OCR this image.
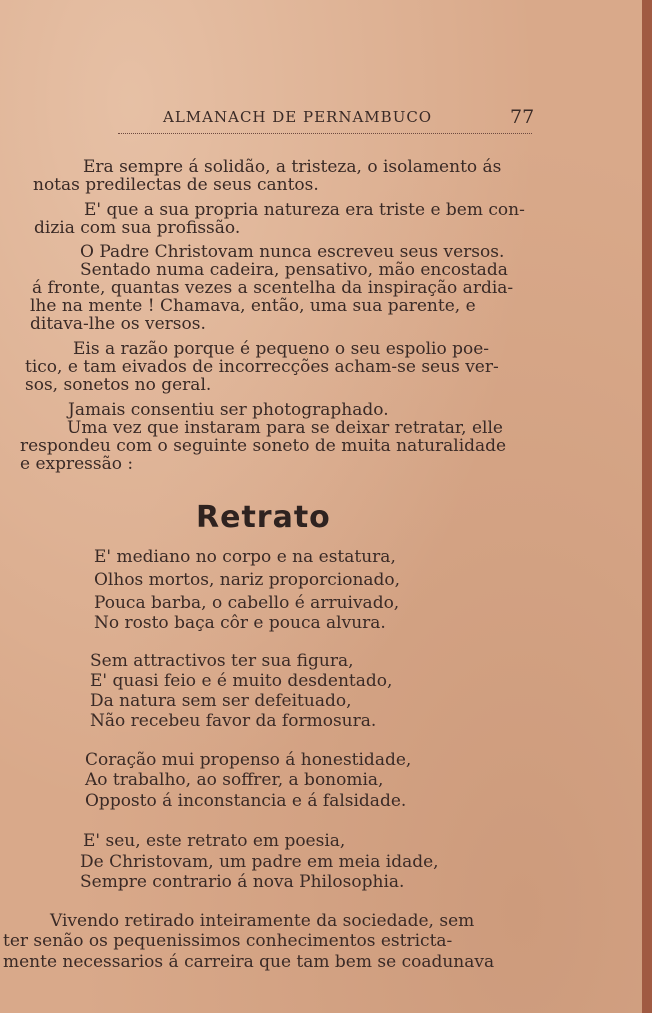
ALMANACH DE PERNAMBUCO	77
Era sempre á solidão, a tristeza, o isolamento ás
notas predilectas de seus cantos.
E' que a sua propria natureza era triste e bem con-
dizia com sua profissão.
O Padre Christovam nunca escreveu seus versos.
Sentado numa cadeira, pensativo, mão encostada
á fronte, quantas vezes a scentelha da inspiração ardia-
lhe na mente ! Chamava, então, uma sua parente, e
ditava-lhe os versos.
Eis a razão porque é pequeno o seu espolio poe-
tico, e tam eivados de incorrecções acham-se seus ver-
sos, sonetos no geral.
Jamais consentiu ser photographado.
Uma vez que instaram para se deixar retratar, elle
respondeu com o seguinte soneto de muita naturalidade
e expressão :
Retrato
E' mediano no corpo e na estatura,
Olhos mortos, nariz proporcionado,
Pouca barba, o cabello é arruivado,
No rosto baça côr e pouca alvura.
Sem attractivos ter sua figura,
E' quasi feio e é muito desdentado,
Da natura sem ser defeituado,
Não recebeu favor da formosura.
Coração mui propenso á honestidade,
Ao trabalho, ao soffrer, a bonomia,
Opposto á inconstancia e á falsidade.
E' seu, este retrato em poesia,
De Christovam, um padre em meia idade,
Sempre contrario á nova Philosophia.
Vivendo retirado inteiramente da sociedade, sem
ter senão os pequenissimos conhecimentos estricta-
mente necessarios á carreira que tam bem se coadunava
